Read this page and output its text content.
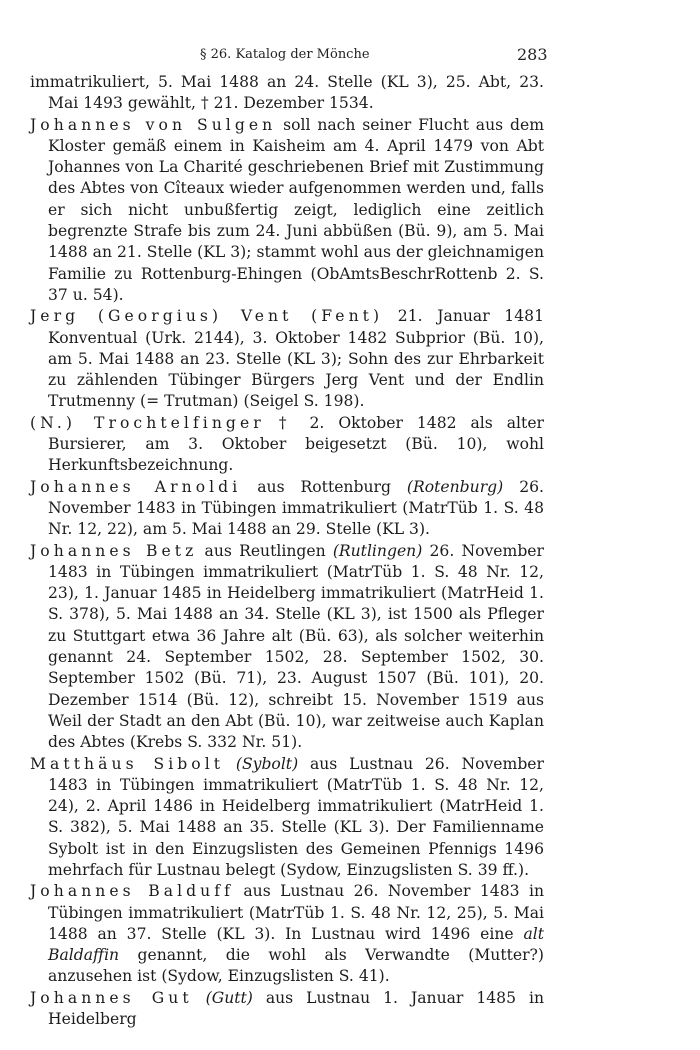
§ 26. Katalog der Mönche	283

immatrikuliert, 5. Mai 1488 an 24. Stelle (KL 3), 25. Abt, 23. Mai 1493 gewählt, † 21. Dezember 1534.

Johannes von Sulgen soll nach seiner Flucht aus dem Kloster gemäß einem in Kaisheim am 4. April 1479 von Abt Johannes von La Charité geschriebenen Brief mit Zustimmung des Abtes von Cîteaux wieder aufgenommen werden und, falls er sich nicht unbußfertig zeigt, lediglich eine zeitlich begrenzte Strafe bis zum 24. Juni abbüßen (Bü. 9), am 5. Mai 1488 an 21. Stelle (KL 3); stammt wohl aus der gleichnamigen Familie zu Rottenburg-Ehingen (ObAmtsBeschrRottenb 2. S. 37 u. 54).

Jerg (Georgius) Vent (Fent) 21. Januar 1481 Konventual (Urk. 2144), 3. Oktober 1482 Subprior (Bü. 10), am 5. Mai 1488 an 23. Stelle (KL 3); Sohn des zur Ehrbarkeit zu zählenden Tübinger Bürgers Jerg Vent und der Endlin Trutmenny (= Trutman) (Seigel S. 198).

(N.) Trochtelfinger † 2. Oktober 1482 als alter Bursierer, am 3. Oktober beigesetzt (Bü. 10), wohl Herkunftsbezeichnung.

Johannes Arnoldi aus Rottenburg (Rotenburg) 26. November 1483 in Tübingen immatrikuliert (MatrTüb 1. S. 48 Nr. 12, 22), am 5. Mai 1488 an 29. Stelle (KL 3).

Johannes Betz aus Reutlingen (Rutlingen) 26. November 1483 in Tübingen immatrikuliert (MatrTüb 1. S. 48 Nr. 12, 23), 1. Januar 1485 in Heidelberg immatrikuliert (MatrHeid 1. S. 378), 5. Mai 1488 an 34. Stelle (KL 3), ist 1500 als Pfleger zu Stuttgart etwa 36 Jahre alt (Bü. 63), als solcher weiterhin genannt 24. September 1502, 28. September 1502, 30. September 1502 (Bü. 71), 23. August 1507 (Bü. 101), 20. Dezember 1514 (Bü. 12), schreibt 15. November 1519 aus Weil der Stadt an den Abt (Bü. 10), war zeitweise auch Kaplan des Abtes (Krebs S. 332 Nr. 51).

Matthäus Sibolt (Sybolt) aus Lustnau 26. November 1483 in Tübingen immatrikuliert (MatrTüb 1. S. 48 Nr. 12, 24), 2. April 1486 in Heidelberg immatrikuliert (MatrHeid 1. S. 382), 5. Mai 1488 an 35. Stelle (KL 3). Der Familienname Sybolt ist in den Einzugslisten des Gemeinen Pfennigs 1496 mehrfach für Lustnau belegt (Sydow, Einzugslisten S. 39 ff.).

Johannes Balduff aus Lustnau 26. November 1483 in Tübingen immatrikuliert (MatrTüb 1. S. 48 Nr. 12, 25), 5. Mai 1488 an 37. Stelle (KL 3). In Lustnau wird 1496 eine alt Baldaffin genannt, die wohl als Verwandte (Mutter?) anzusehen ist (Sydow, Einzugslisten S. 41).

Johannes Gut (Gutt) aus Lustnau 1. Januar 1485 in Heidelberg
